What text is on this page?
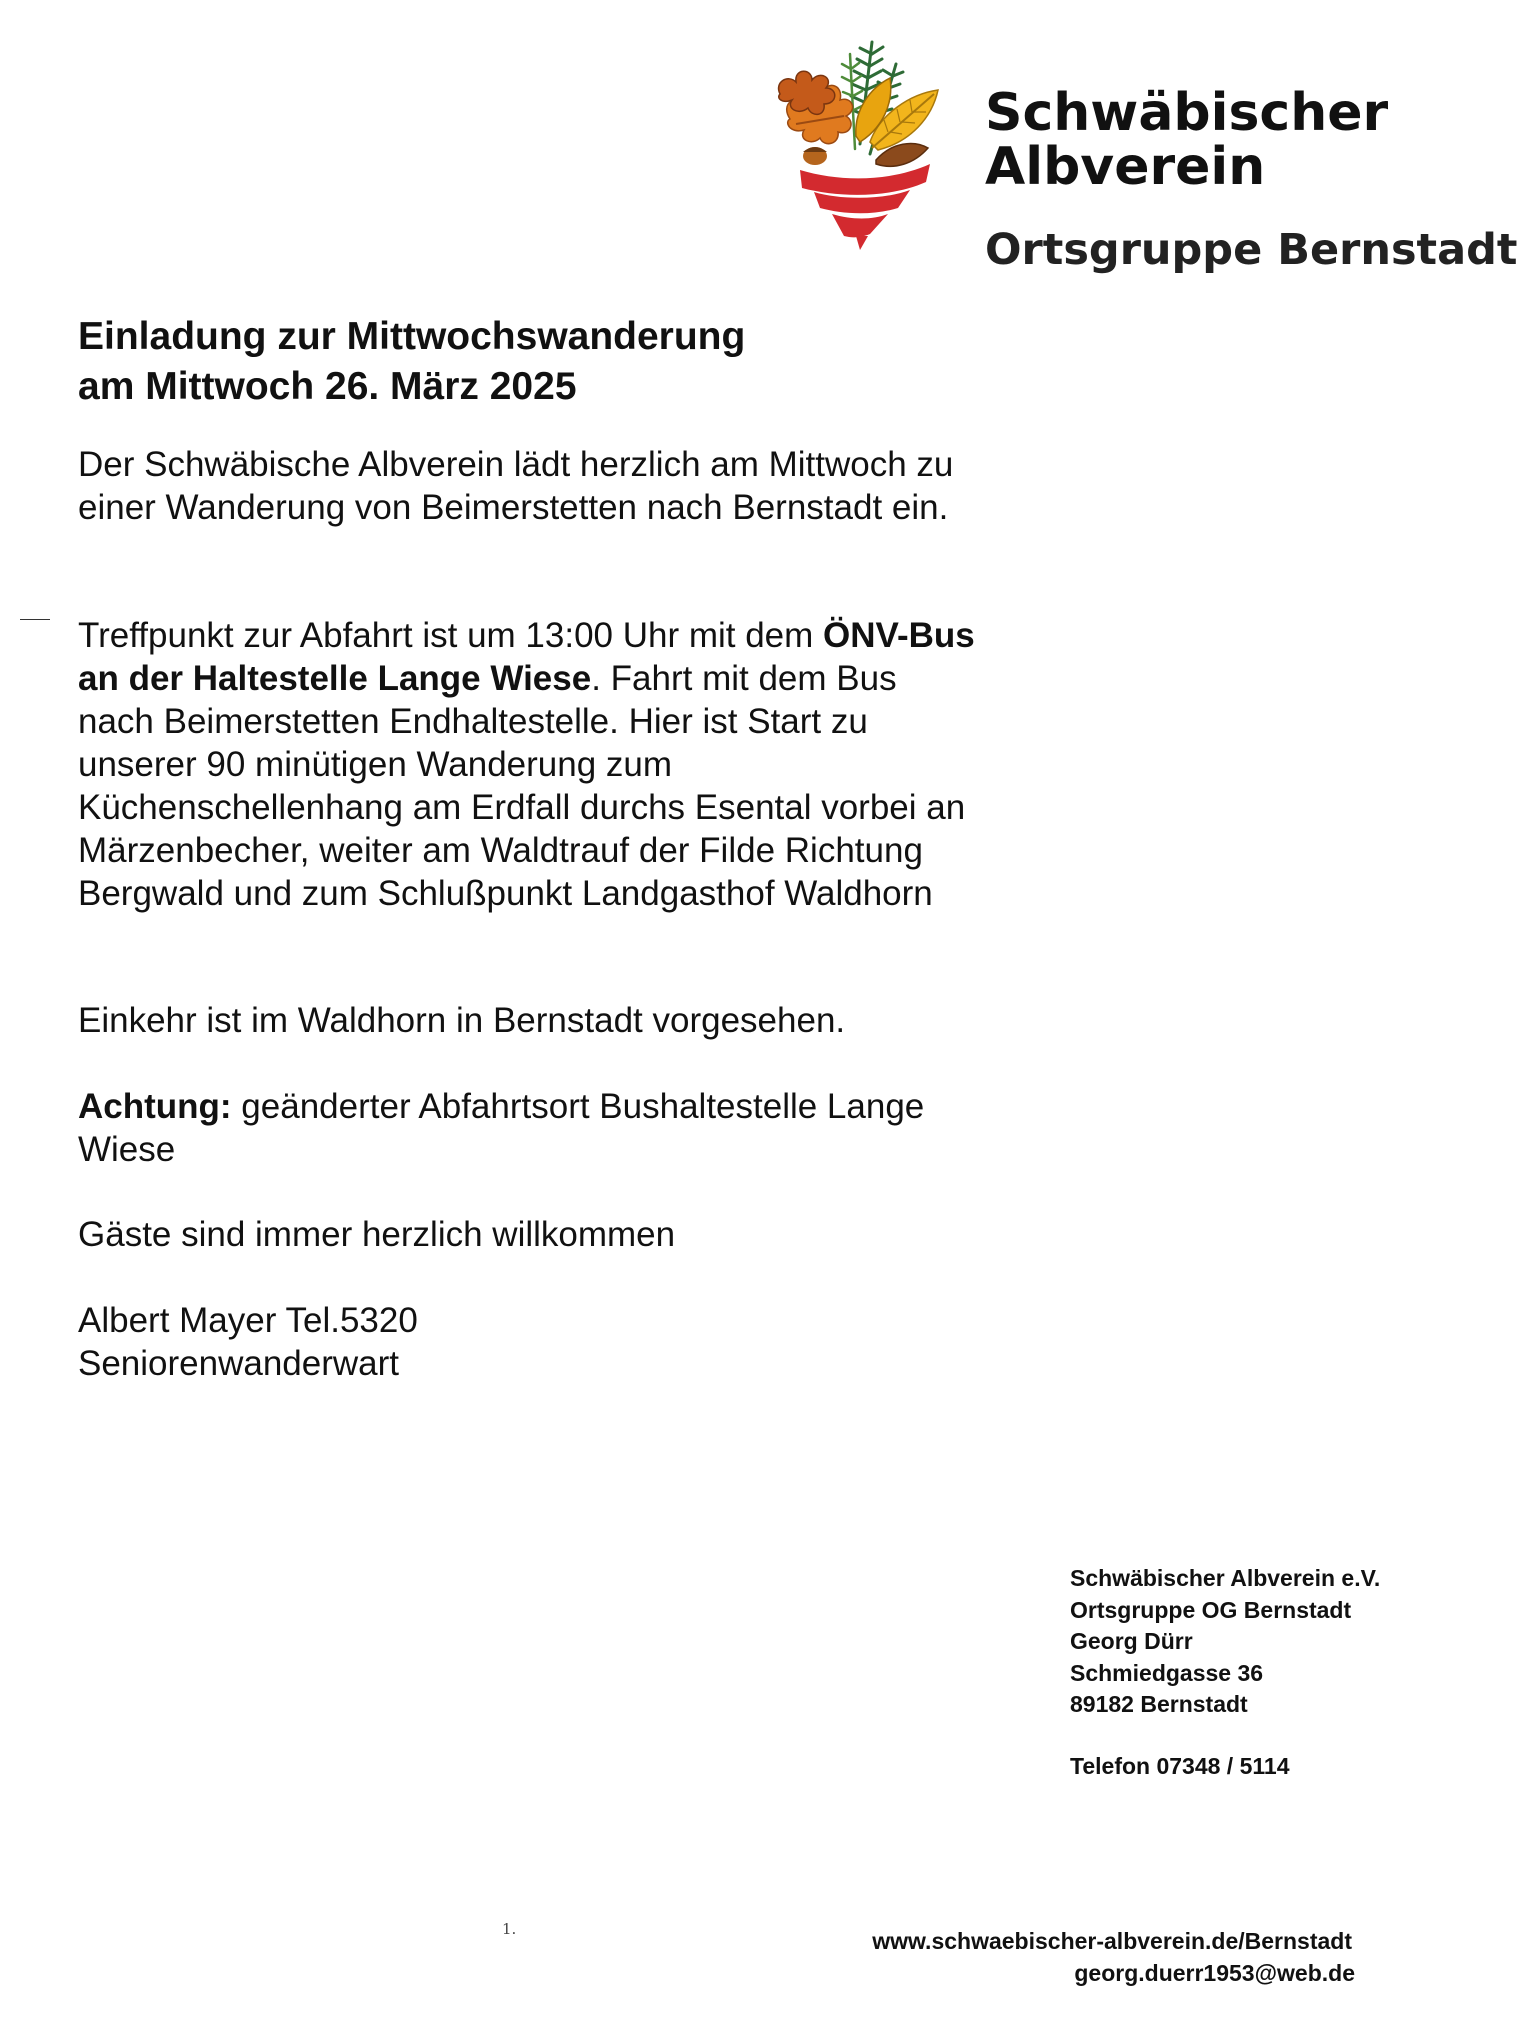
Schwäbischer
Albverein
Ortsgruppe Bernstadt
Einladung zur Mittwochswanderung
am Mittwoch 26. März 2025

Der Schwäbische Albverein lädt herzlich am Mittwoch zu einer Wanderung von Beimerstetten nach Bernstadt ein.

Treffpunkt zur Abfahrt ist um 13:00 Uhr mit dem ÖNV-Bus an der Haltestelle Lange Wiese. Fahrt mit dem Bus nach Beimerstetten Endhaltestelle. Hier ist Start zu unserer 90 minütigen Wanderung zum Küchenschellenhang am Erdfall durchs Esental vorbei an Märzenbecher, weiter am Waldtrauf der Filde Richtung Bergwald und zum Schlußpunkt Landgasthof Waldhorn

Einkehr ist im Waldhorn in Bernstadt vorgesehen.

Achtung: geänderter Abfahrtsort Bushaltestelle Lange Wiese

Gäste sind immer herzlich willkommen

Albert Mayer Tel.5320
Seniorenwanderwart

Schwäbischer Albverein e.V.
Ortsgruppe OG Bernstadt
Georg Dürr
Schmiedgasse 36
89182 Bernstadt
Telefon 07348 / 5114
1.	www.schwaebischer-albverein.de/Bernstadt
georg.duerr1953@web.de
